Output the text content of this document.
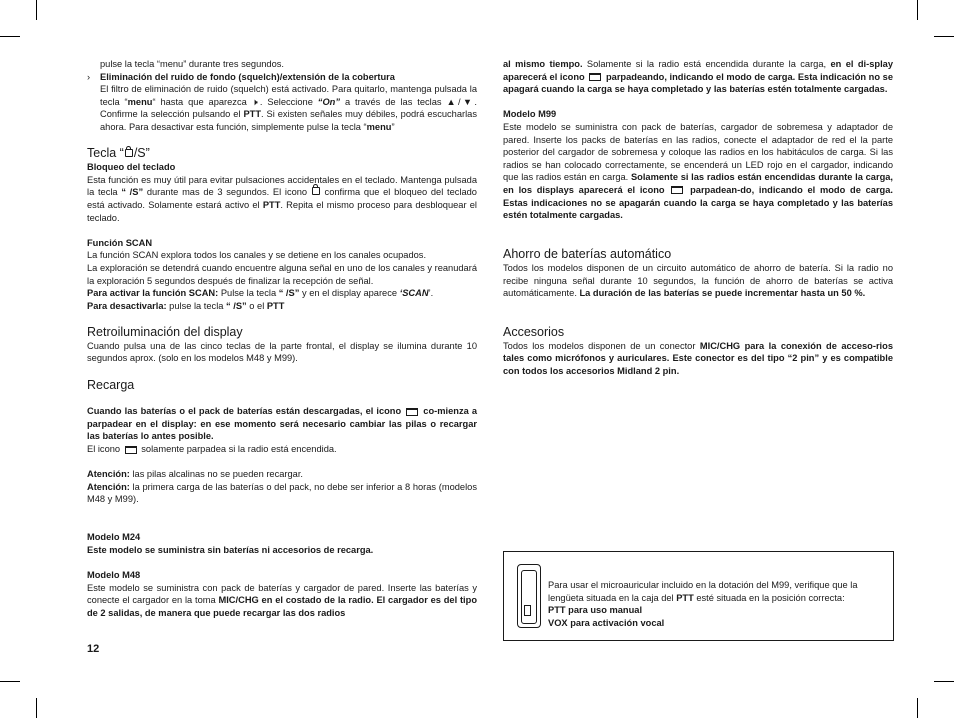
pulse la tecla “menu” durante tres segundos.

› Eliminación del ruido de fondo (squelch)/extensión de la cobertura

El filtro de eliminación de ruido (squelch) está activado. Para quitarlo, mantenga pulsada la tecla “menu“ hasta que aparezca 🕨. Seleccione “On” a través de las teclas ▲/▼. Confirme la selección pulsando el PTT. Si existen señales muy débiles, podrá escucharlas ahora. Para desactivar esta función, simplemente pulse la tecla “menu”

Tecla “ /S”
Bloqueo del teclado

Esta función es muy útil para evitar pulsaciones accidentales en el teclado. Mantenga pulsada la tecla “ /S” durante mas de 3 segundos. El icono  confirma que el bloqueo del teclado está activado. Solamente estará activo el PTT. Repita el mismo proceso para desbloquear el teclado.

Función SCAN

La función SCAN explora todos los canales y se detiene en los canales ocupados.

La exploración se detendrá cuando encuentre alguna señal en uno de los canales y reanudará la exploración 5 segundos después de finalizar la recepción de señal.

Para activar la función SCAN: Pulse la tecla “ /S” y en el display aparece ‘SCAN’.

Para desactivarla: pulse la tecla “ /S” o el PTT

Retroiluminación del display

Cuando pulsa una de las cinco teclas de la parte frontal, el display se ilumina durante 10 segundos aprox. (solo en los modelos M48 y M99).

Recarga

Cuando las baterías o el pack de baterías están descargadas, el icono co-mienza a parpadear en el display: en ese momento será necesario cambiar las pilas o recargar las baterías lo antes posible.

El icono solamente parpadea si la radio está encendida.

Atención: las pilas alcalinas no se pueden recargar.

Atención: la primera carga de las baterías o del pack, no debe ser inferior a 8 horas (modelos M48 y M99).

Modelo M24

Este modelo se suministra sin baterías ni accesorios de recarga.

Modelo M48

Este modelo se suministra con pack de baterías y cargador de pared. Inserte las baterías y conecte el cargador en la toma MIC/CHG en el costado de la radio. El cargador es del tipo de 2 salidas, de manera que puede recargar las dos radios

12

al mismo tiempo. Solamente si la radio está encendida durante la carga, en el di-splay aparecerá el icono parpadeando, indicando el modo de carga. Esta indicación no se apagará cuando la carga se haya completado y las baterías estén totalmente cargadas.

Modelo M99

Este modelo se suministra con pack de baterías, cargador de sobremesa y adaptador de pared. Inserte los packs de baterías en las radios, conecte el adaptador de red el la parte posterior del cargador de sobremesa y coloque las radios en los habitáculos de carga. Si las radios se han colocado correctamente, se encenderá un LED rojo en el cargador, indicando que las radios están en carga. Solamente si las radios están encendidas durante la carga, en los displays aparecerá el icono	parpadean-do, indicando el modo de carga. Estas indicaciones no se apagarán cuando la carga se haya completado y las baterías estén totalmente cargadas.

Ahorro de baterías automático

Todos los modelos disponen de un circuito automático de ahorro de batería. Si la radio no recibe ninguna señal durante 10 segundos, la función de ahorro de baterías se activa automáticamente. La duración de las baterías se puede incrementar hasta un 50 %.

Accesorios

Todos los modelos disponen de un conector MIC/CHG para la conexión de acceso-rios tales como micrófonos y auriculares. Este conector es del tipo “2 pin” y es compatible con todos los accesorios Midland 2 pin.

Para usar el microauricular incluido en la dotación del M99, verifique que la lengüeta situada en la caja del PTT esté situada en la posición correcta:

PTT para uso manual

VOX para activación vocal
